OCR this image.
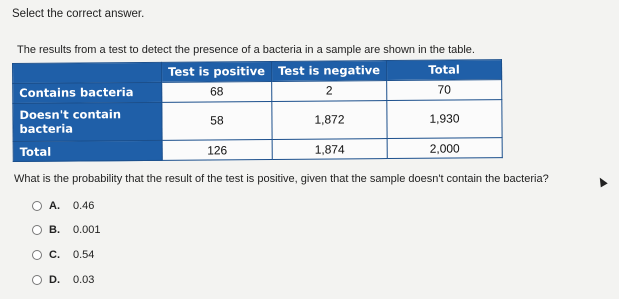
Select the correct answer.
The results from a test to detect the presence of a bacteria in a sample are shown in the table.
	Test is positive	Test is negative	Total
Contains bacteria	68	2	70
Doesn't contain bacteria	58	1,872	1,930
Total	126	1,874	2,000
What is the probability that the result of the test is positive, given that the sample doesn't contain the bacteria?
A.	0.46
B.	0.001
C.	0.54
D.	0.03
